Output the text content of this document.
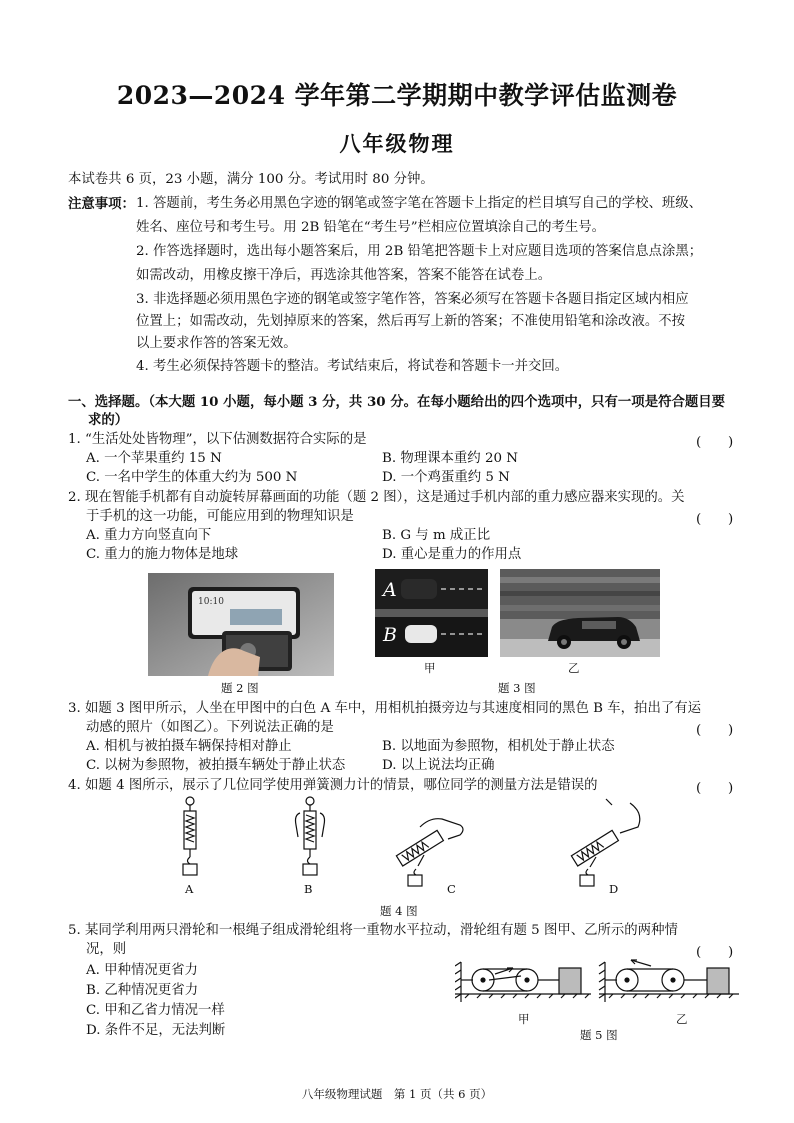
2023—2024 学年第二学期期中教学评估监测卷
八年级物理
本试卷共 6 页，23 小题，满分 100 分。考试用时 80 分钟。
注意事项： 1. 答题前，考生务必用黑色字迹的钢笔或签字笔在答题卡上指定的栏目填写自己的学校、班级、
姓名、座位号和考生号。用 2B 铅笔在“考生号”栏相应位置填涂自己的考生号。
2. 作答选择题时，选出每小题答案后，用 2B 铅笔把答题卡上对应题目选项的答案信息点涂黑；
如需改动，用橡皮擦干净后，再选涂其他答案，答案不能答在试卷上。
3. 非选择题必须用黑色字迹的钢笔或签字笔作答，答案必须写在答题卡各题目指定区域内相应
位置上；如需改动，先划掉原来的答案，然后再写上新的答案；不准使用铅笔和涂改液。不按
以上要求作答的答案无效。
4. 考生必须保持答题卡的整洁。考试结束后，将试卷和答题卡一并交回。
一、选择题。（本大题 10 小题，每小题 3 分，共 30 分。在每小题给出的四个选项中，只有一项是符合题目要
求的）
1. “生活处处皆物理”，以下估测数据符合实际的是	(　　)
A. 一个苹果重约 15 N	B. 物理课本重约 20 N
C. 一名中学生的体重大约为 500 N	D. 一个鸡蛋重约 5 N
2. 现在智能手机都有自动旋转屏幕画面的功能（题 2 图），这是通过手机内部的重力感应器来实现的。关
于手机的这一功能，可能应用到的物理知识是	(　　)
A. 重力方向竖直向下	B. G 与 m 成正比
C. 重力的施力物体是地球	D. 重心是重力的作用点
10:10
题 2 图
A
B
甲	乙
题 3 图
3. 如题 3 图甲所示，人坐在甲图中的白色 A 车中，用相机拍摄旁边与其速度相同的黑色 B 车，拍出了有运
动感的照片（如图乙）。下列说法正确的是	(　　)
A. 相机与被拍摄车辆保持相对静止	B. 以地面为参照物，相机处于静止状态
C. 以树为参照物，被拍摄车辆处于静止状态	D. 以上说法均正确
4. 如题 4 图所示，展示了几位同学使用弹簧测力计的情景，哪位同学的测量方法是错误的	(　　)
A	B	C	D
题 4 图
5. 某同学利用两只滑轮和一根绳子组成滑轮组将一重物水平拉动，滑轮组有题 5 图甲、乙所示的两种情
况，则	(　　)
A. 甲种情况更省力
B. 乙种情况更省力
C. 甲和乙省力情况一样
D. 条件不足，无法判断
甲	乙
题 5 图
八年级物理试题　第 1 页（共 6 页）
